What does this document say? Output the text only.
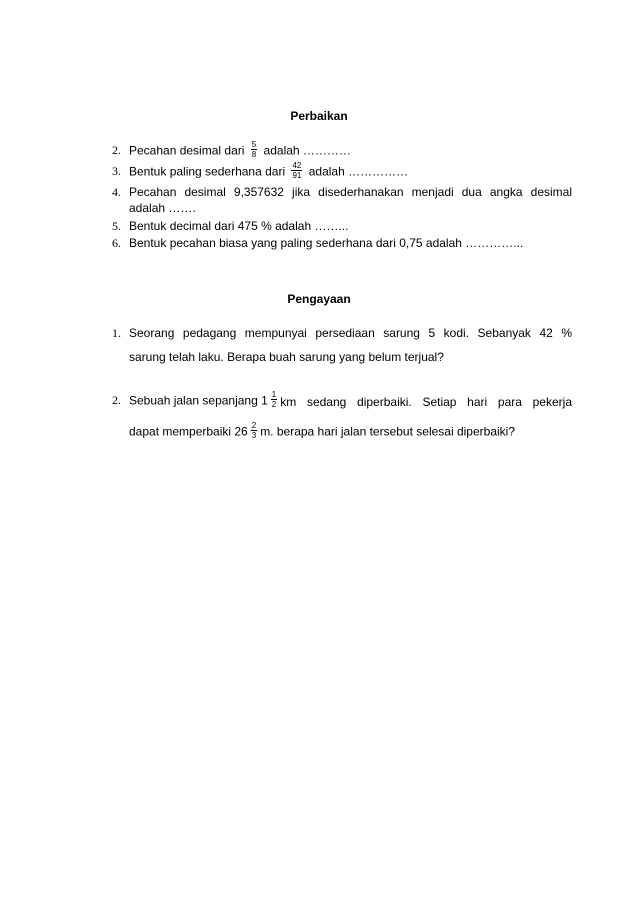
Perbaikan
2. Pecahan desimal dari $\frac{5}{8}$ adalah …………
3. Bentuk paling sederhana dari $\frac{42}{91}$ adalah ……………
4. Pecahan desimal 9,357632 jika disederhanakan menjadi dua angka desimal
adalah …….
5. Bentuk decimal dari 475 % adalah ……...
6. Bentuk pecahan biasa yang paling sederhana dari 0,75 adalah …………...
Pengayaan
1. Seorang pedagang mempunyai persediaan sarung 5 kodi. Sebanyak 42 %
sarung telah laku. Berapa buah sarung yang belum terjual?
2. Sebuah jalan sepanjang $1 \frac{1}{2}$ km sedang diperbaiki. Setiap hari para pekerja
dapat memperbaiki $26 \frac{2}{3} m$. berapa hari jalan tersebut selesai diperbaiki?
